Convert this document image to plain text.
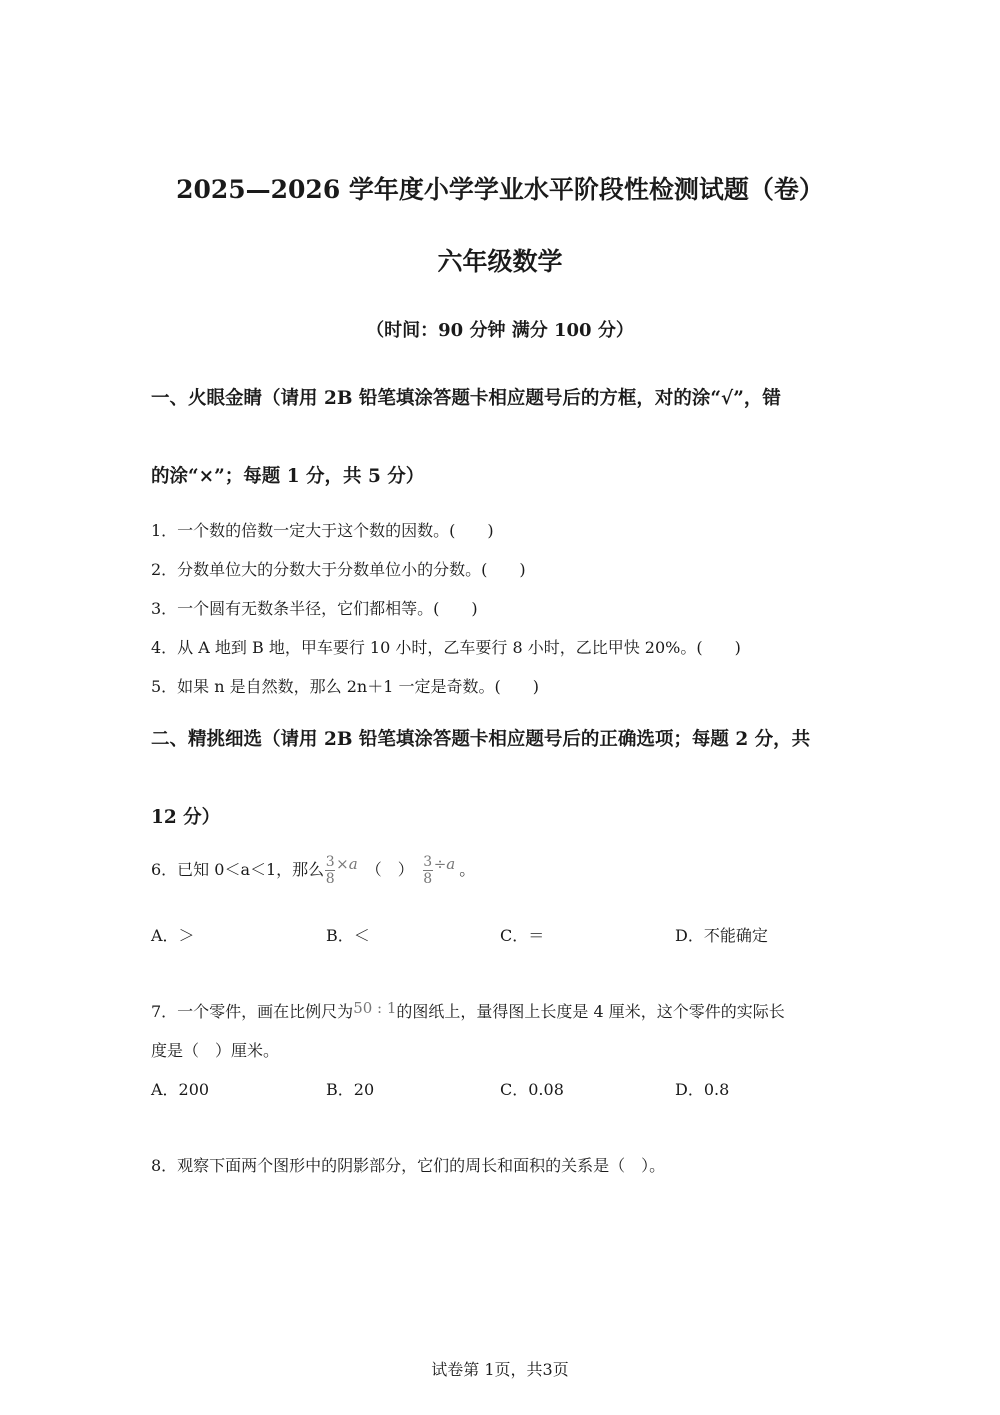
2025—2026 学年度小学学业水平阶段性检测试题（卷）
六年级数学
（时间：90 分钟 满分 100 分）
一、火眼金睛（请用 2B 铅笔填涂答题卡相应题号后的方框，对的涂“√”，错
的涂“×”；每题 1 分，共 5 分）
1．一个数的倍数一定大于这个数的因数。(　　)
2．分数单位大的分数大于分数单位小的分数。(　　)
3．一个圆有无数条半径，它们都相等。(　　)
4．从 A 地到 B 地，甲车要行 10 小时，乙车要行 8 小时，乙比甲快 20%。(　　)
5．如果 n 是自然数，那么 2n＋1 一定是奇数。(　　)
二、精挑细选（请用 2B 铅笔填涂答题卡相应题号后的正确选项；每题 2 分，共
12 分）
6．已知 0＜a＜1，那么 $\frac{3}{8} \times a$ （　） $\frac{3}{8} \div a$ 。
A．＞	B．＜	C．＝	D．不能确定
7．一个零件，画在比例尺为50 : 1的图纸上，量得图上长度是 4 厘米，这个零件的实际长
度是（　）厘米。
A．200	B．20	C．0.08	D．0.8
8．观察下面两个图形中的阴影部分，它们的周长和面积的关系是（　）。
试卷第 1页，共3页
